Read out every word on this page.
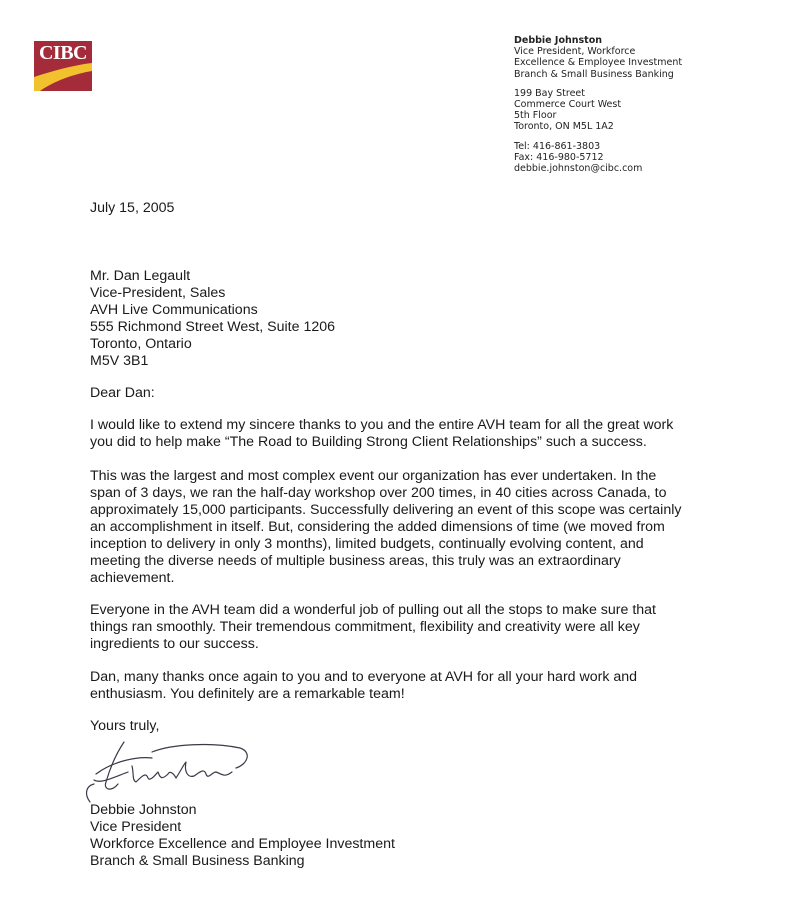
CIBC
Debbie Johnston
Vice President, Workforce
Excellence & Employee Investment
Branch & Small Business Banking
199 Bay Street
Commerce Court West
5th Floor
Toronto, ON M5L 1A2
Tel: 416-861-3803
Fax: 416-980-5712
debbie.johnston@cibc.com
July 15, 2005
Mr. Dan Legault
Vice-President, Sales
AVH Live Communications
555 Richmond Street West, Suite 1206
Toronto, Ontario
M5V 3B1
Dear Dan:
I would like to extend my sincere thanks to you and the entire AVH team for all the great work
you did to help make “The Road to Building Strong Client Relationships” such a success.
This was the largest and most complex event our organization has ever undertaken. In the
span of 3 days, we ran the half-day workshop over 200 times, in 40 cities across Canada, to
approximately 15,000 participants. Successfully delivering an event of this scope was certainly
an accomplishment in itself. But, considering the added dimensions of time (we moved from
inception to delivery in only 3 months), limited budgets, continually evolving content, and
meeting the diverse needs of multiple business areas, this truly was an extraordinary
achievement.
Everyone in the AVH team did a wonderful job of pulling out all the stops to make sure that
things ran smoothly. Their tremendous commitment, flexibility and creativity were all key
ingredients to our success.
Dan, many thanks once again to you and to everyone at AVH for all your hard work and
enthusiasm. You definitely are a remarkable team!
Yours truly,
Debbie Johnston
Vice President
Workforce Excellence and Employee Investment
Branch & Small Business Banking
